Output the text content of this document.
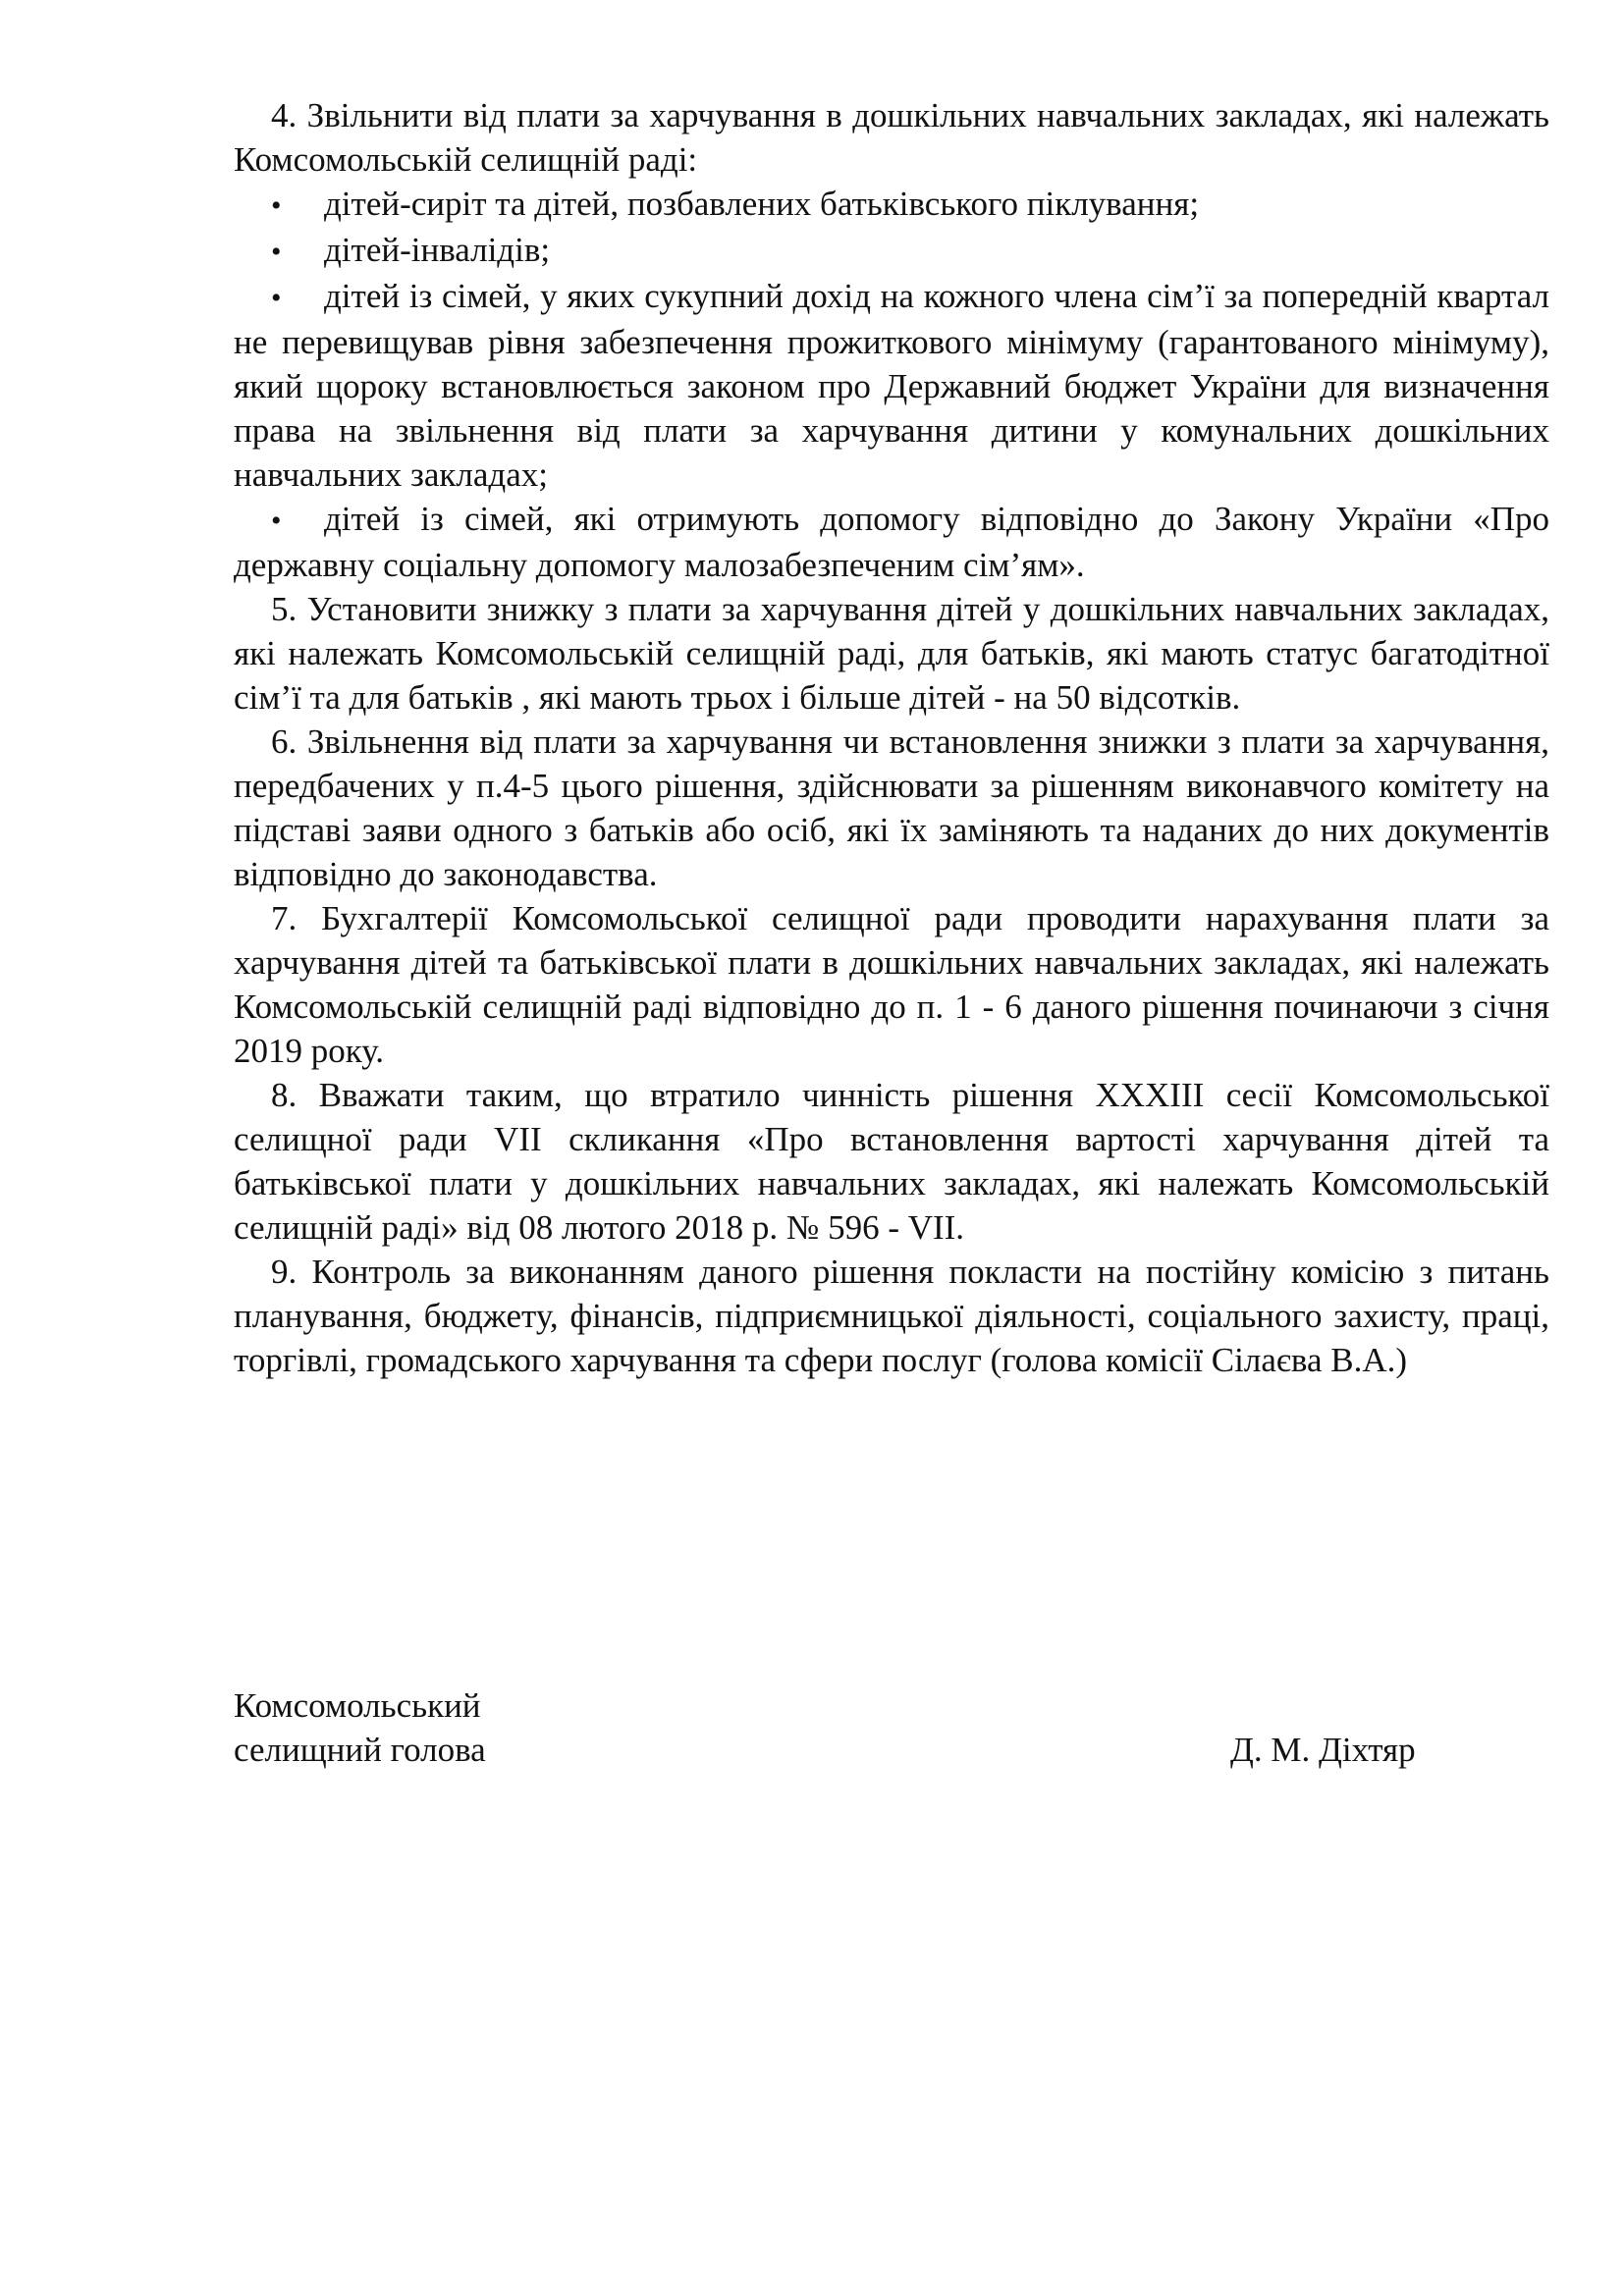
4. Звільнити від плати за харчування в дошкільних навчальних закладах, які належать Комсомольській селищній раді:

• дітей-сиріт та дітей, позбавлених батьківського піклування;

• дітей-інвалідів;

• дітей із сімей, у яких сукупний дохід на кожного члена сім’ї за попередній квартал не перевищував рівня забезпечення прожиткового мінімуму (гарантованого мінімуму), який щороку встановлюється законом про Державний бюджет України для визначення права на звільнення від плати за харчування дитини у комунальних дошкільних навчальних закладах;

• дітей із сімей, які отримують допомогу відповідно до Закону України «Про державну соціальну допомогу малозабезпеченим сім’ям».

5. Установити знижку з плати за харчування дітей у дошкільних навчальних закладах, які належать Комсомольській селищній раді, для батьків, які мають статус багатодітної сім’ї та для батьків , які мають трьох і більше дітей - на 50 відсотків.

6. Звільнення від плати за харчування чи встановлення знижки з плати за харчування, передбачених у п.4-5 цього рішення, здійснювати за рішенням виконавчого комітету на підставі заяви одного з батьків або осіб, які їх заміняють та наданих до них документів відповідно до законодавства.

7. Бухгалтерії Комсомольської селищної ради проводити нарахування плати за харчування дітей та батьківської плати в дошкільних навчальних закладах, які належать Комсомольській селищній раді відповідно до п. 1 - 6 даного рішення починаючи з січня 2019 року.

8. Вважати таким, що втратило чинність рішення XXXIII сесії Комсомольської селищної ради VII скликання «Про встановлення вартості харчування дітей та батьківської плати у дошкільних навчальних закладах, які належать Комсомольській селищній раді» від 08 лютого 2018 р. № 596 - VII.

9. Контроль за виконанням даного рішення покласти на постійну комісію з питань планування, бюджету, фінансів, підприємницької діяльності, соціального захисту, праці, торгівлі, громадського харчування та сфери послуг (голова комісії Сілаєва В.А.)

Комсомольський
селищний голова	Д. М. Діхтяр
